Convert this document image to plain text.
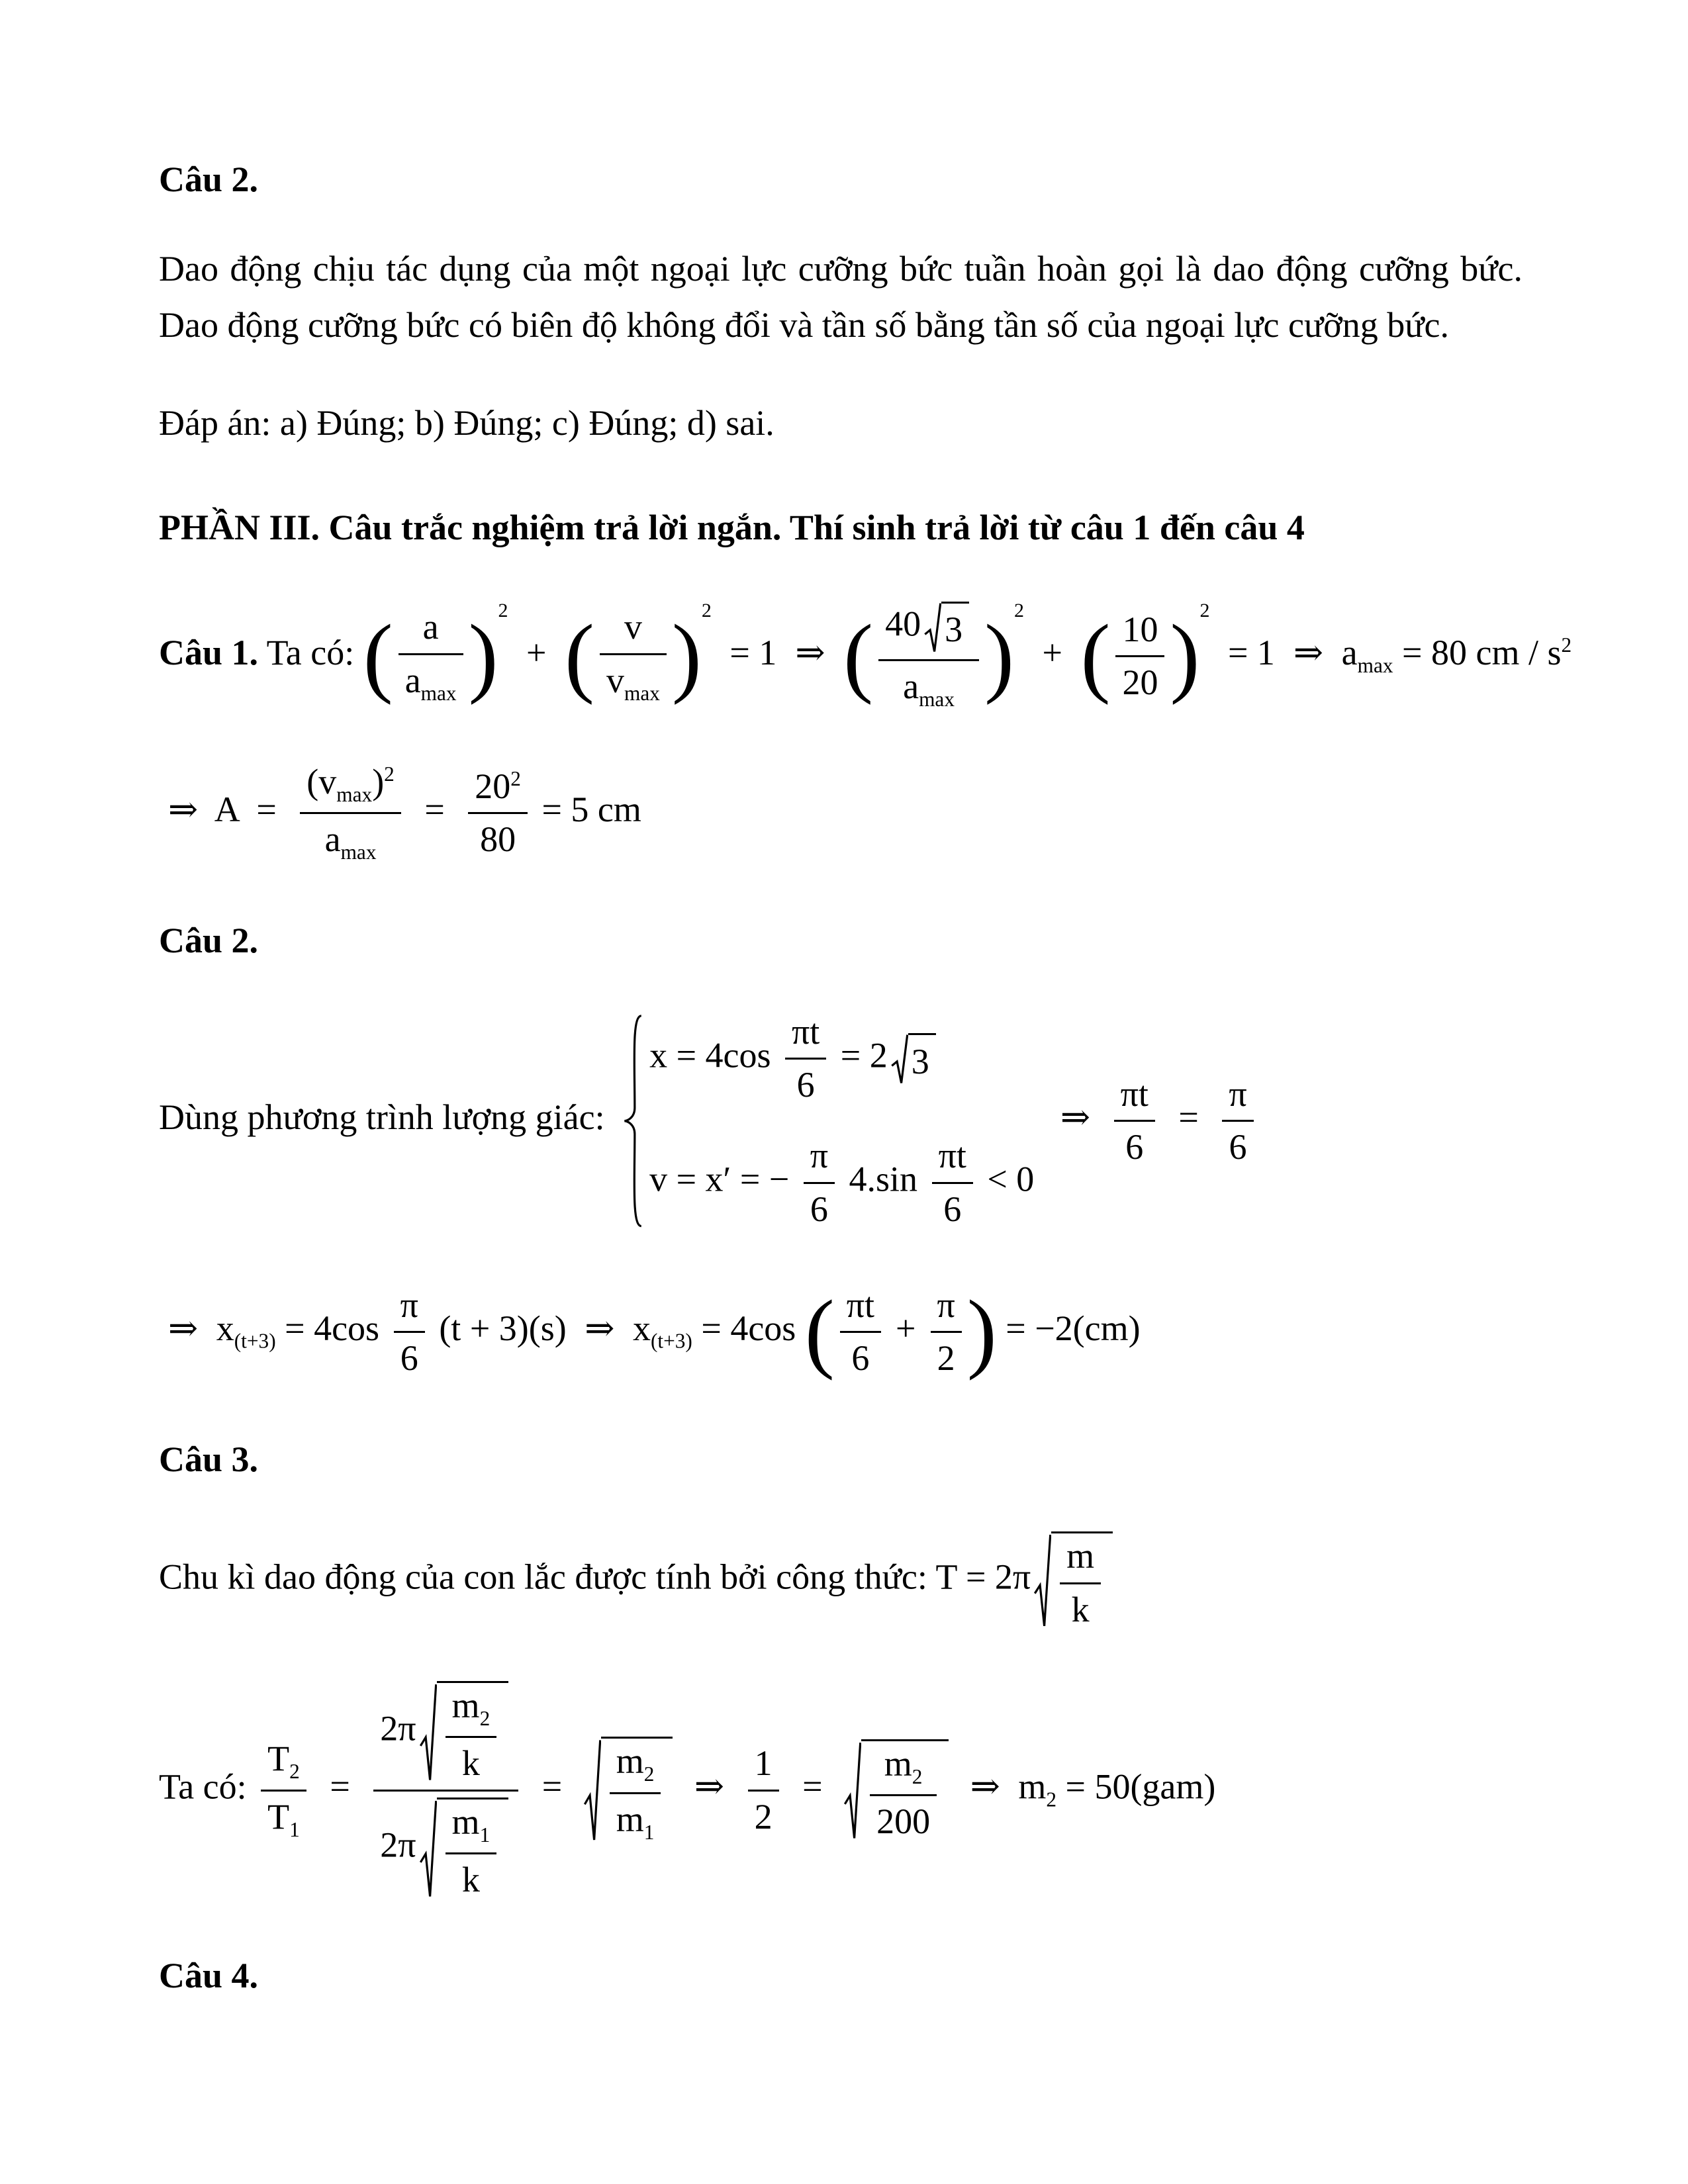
Câu 2.

Dao động chịu tác dụng của một ngoại lực cưỡng bức tuần hoàn gọi là dao động cưỡng bức. Dao động cưỡng bức có biên độ không đổi và tần số bằng tần số của ngoại lực cưỡng bức.

Đáp án: a) Đúng; b) Đúng; c) Đúng; d) sai.

PHẦN III. Câu trắc nghiệm trả lời ngắn. Thí sinh trả lời từ câu 1 đến câu 4
Câu 1. Ta có: ( $\frac{a}{a_{max}} )^2$ + ( $\frac{v}{v_{max}} )^2 = 1$ ⇒ ( $\frac{40 3}{a_{max}} )^2$ + ( $\frac{10}{20} )^2 = 1$ ⇒ $a_{max} = 80$ cm / $s^2$
⇒ $A = \frac{(v_{max})^2}{a_{max}} = \frac{20^2}{80} = 5$ cm
Câu 2.
Dùng phương trình lượng giác:
$x = 4\cos \frac{\pi t}{6} = 2$ 3
v = x′ = − $\frac{\pi}{6} 4.\sin \frac{\pi t}{6} < 0$
⇒ $\frac{\pi t}{6} = \frac{\pi}{6}$
⇒ $x_{(t+3)} = 4\cos \frac{\pi}{6} (t + 3)(s)$ ⇒ $x_{(t+3)} = 4\cos$ ( $\frac{\pi t}{6} + \frac{\pi}{2}$ ) = −2(cm)
Câu 3.
Chu kì dao động của con lắc được tính bởi công thức: $T = 2\pi \frac{m}{k}$
Ta có: $\frac{T_2}{T_1} = \frac{2\pi \frac{m_2}{k}}{2\pi \frac{m_1}{k}} = \frac{m_2}{m_1}$ ⇒ $\frac{1}{2} = \frac{m_2}{200}$ ⇒ $m_2 = 50(gam)$
Câu 4.
